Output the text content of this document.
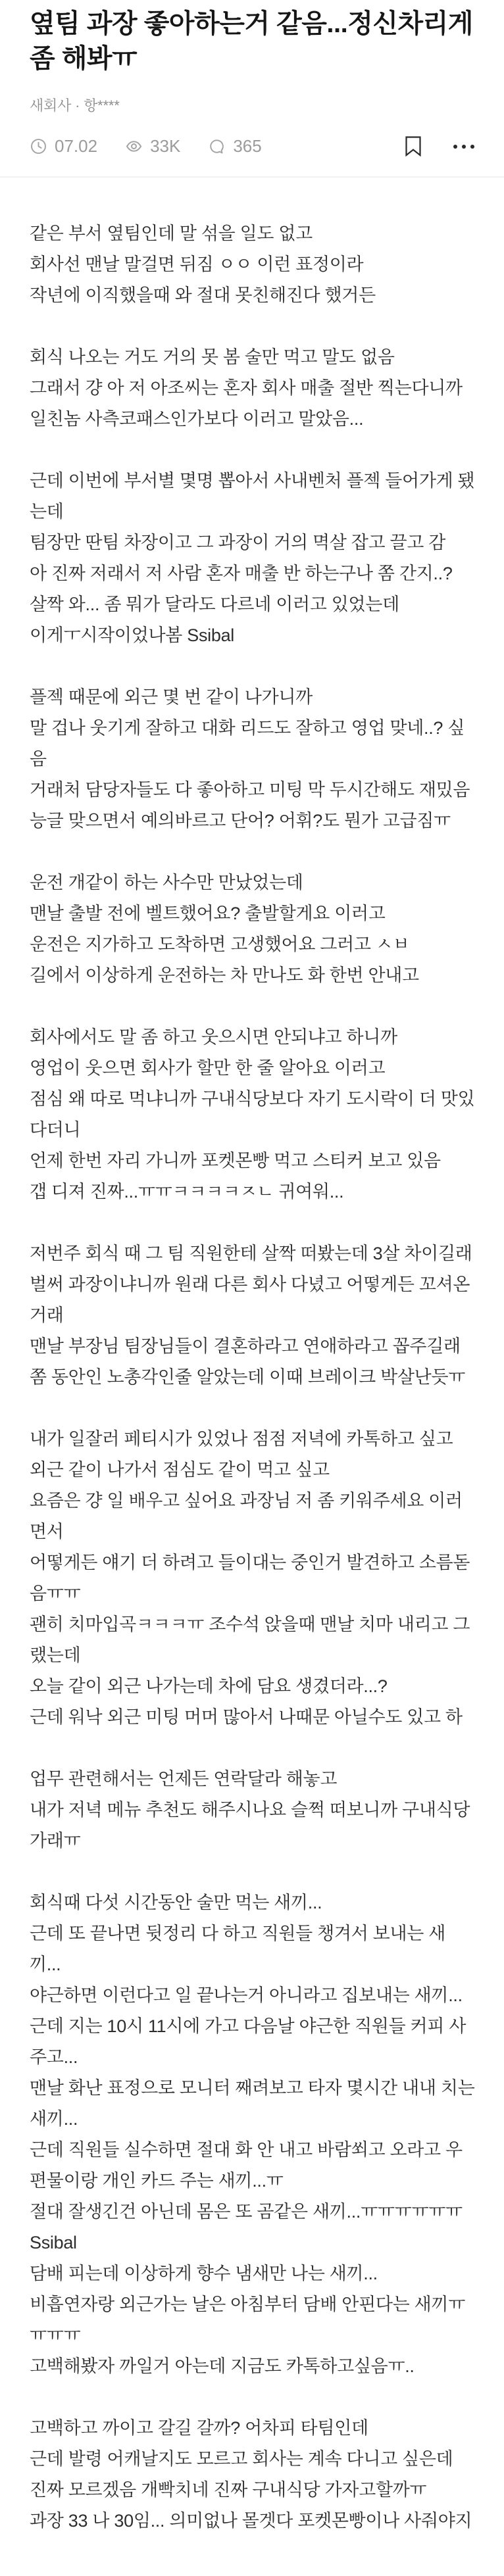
옆팀 과장 좋아하는거 같음...정신차리게 좀 해봐ㅠ
새회사 · 항****
07.02	33K	365

같은 부서 옆팀인데 말 섞을 일도 없고
회사선 맨날 말걸면 뒤짐 ㅇㅇ 이런 표정이라
작년에 이직했을때 와 절대 못친해진다 했거든

회식 나오는 거도 거의 못 봄 술만 먹고 말도 없음
그래서 걍 아 저 아조씨는 혼자 회사 매출 절반 찍는다니까
일친놈 사측코패스인가보다 이러고 말았음...

근데 이번에 부서별 몇명 뽑아서 사내벤처 플젝 들어가게 됐는데
팀장만 딴팀 차장이고 그 과장이 거의 멱살 잡고 끌고 감
아 진짜 저래서 저 사람 혼자 매출 반 하는구나 쫌 간지..?
살짝 와... 좀 뭐가 달라도 다르네 이러고 있었는데
이게ㅜ시작이었나봄 Ssibal

플젝 때문에 외근 몇 번 같이 나가니까
말 겁나 웃기게 잘하고 대화 리드도 잘하고 영업 맞네..? 싶음
거래처 담당자들도 다 좋아하고 미팅 막 두시간해도 재밌음
능글 맞으면서 예의바르고 단어? 어휘?도 뭔가 고급짐ㅠ

운전 개같이 하는 사수만 만났었는데
맨날 출발 전에 벨트했어요? 출발할게요 이러고
운전은 지가하고 도착하면 고생했어요 그러고 ㅅㅂ
길에서 이상하게 운전하는 차 만나도 화 한번 안내고

회사에서도 말 좀 하고 웃으시면 안되냐고 하니까
영업이 웃으면 회사가 할만 한 줄 알아요 이러고
점심 왜 따로 먹냐니까 구내식당보다 자기 도시락이 더 맛있다더니
언제 한번 자리 가니까 포켓몬빵 먹고 스티커 보고 있음
갭 디져 진짜...ㅠㅠㅋㅋㅋㅋㅈㄴ 귀여워...

저번주 회식 때 그 팀 직원한테 살짝 떠봤는데 3살 차이길래
벌써 과장이냐니까 원래 다른 회사 다녔고 어떻게든 꼬셔온 거래
맨날 부장님 팀장님들이 결혼하라고 연애하라고 꼽주길래
쫌 동안인 노총각인줄 알았는데 이때 브레이크 박살난듯ㅠ

내가 일잘러 페티시가 있었나 점점 저녁에 카톡하고 싶고
외근 같이 나가서 점심도 같이 먹고 싶고
요즘은 걍 일 배우고 싶어요 과장님 저 좀 키워주세요 이러면서
어떻게든 얘기 더 하려고 들이대는 중인거 발견하고 소름돋음ㅠㅠ
괜히 치마입곡ㅋㅋㅋㅠ 조수석 앉을때 맨날 치마 내리고 그랬는데
오늘 같이 외근 나가는데 차에 담요 생겼더라...?
근데 워낙 외근 미팅 머머 많아서 나때문 아닐수도 있고 하

업무 관련해서는 언제든 연락달라 해놓고
내가 저녁 메뉴 추천도 해주시나요 슬쩍 떠보니까 구내식당 가래ㅠ

회식때 다섯 시간동안 술만 먹는 새끼...
근데 또 끝나면 뒷정리 다 하고 직원들 챙겨서 보내는 새끼...
야근하면 이런다고 일 끝나는거 아니라고 집보내는 새끼...
근데 지는 10시 11시에 가고 다음날 야근한 직원들 커피 사주고...
맨날 화난 표정으로 모니터 째려보고 타자 몇시간 내내 치는 새끼...
근데 직원들 실수하면 절대 화 안 내고 바람쐬고 오라고 우편물이랑 개인 카드 주는 새끼...ㅠ
절대 잘생긴건 아닌데 몸은 또 곰같은 새끼...ㅠㅠㅠㅠㅠㅠ
Ssibal
담배 피는데 이상하게 향수 냄새만 나는 새끼...
비흡연자랑 외근가는 날은 아침부터 담배 안핀다는 새끼ㅠㅠㅠㅠ
고백해봤자 까일거 아는데 지금도 카톡하고싶음ㅠ..

고백하고 까이고 갈길 갈까? 어차피 타팀인데
근데 발령 어캐날지도 모르고 회사는 계속 다니고 싶은데
진짜 모르겠음 개빡치네 진짜 구내식당 가자고할까ㅠ
과장 33 나 30임... 의미없나 몰겟다 포켓몬빵이나 사줘야지
